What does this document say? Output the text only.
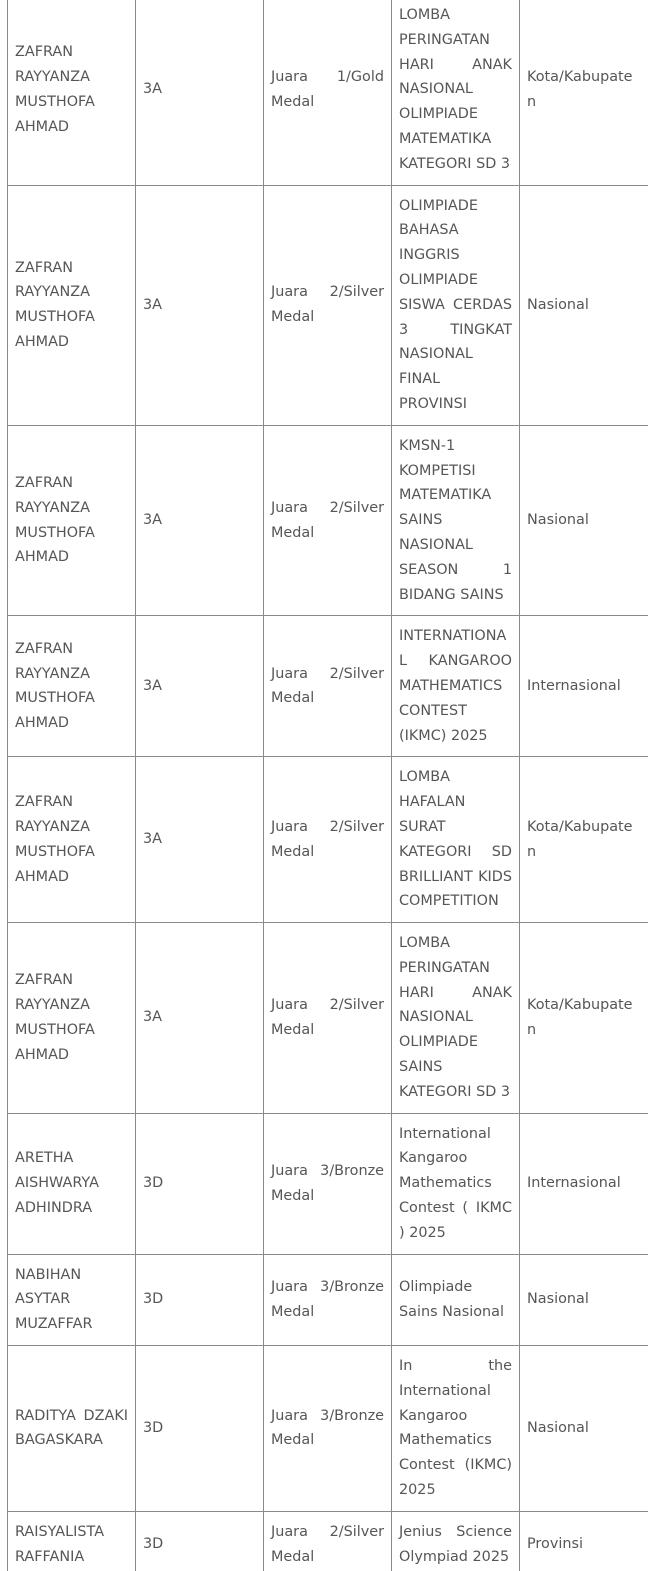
ZAFRAN RAYYANZA MUSTHOFA AHMAD	3A	Juara 1/Gold Medal	LOMBA PERINGATAN HARI ANAK NASIONAL OLIMPIADE MATEMATIKA KATEGORI SD 3	Kota/Kabupaten
ZAFRAN RAYYANZA MUSTHOFA AHMAD	3A	Juara 2/Silver Medal	OLIMPIADE BAHASA INGGRIS OLIMPIADE SISWA CERDAS 3 TINGKAT NASIONAL FINAL PROVINSI	Nasional
ZAFRAN RAYYANZA MUSTHOFA AHMAD	3A	Juara 2/Silver Medal	KMSN-1 KOMPETISI MATEMATIKA SAINS NASIONAL SEASON 1 BIDANG SAINS	Nasional
ZAFRAN RAYYANZA MUSTHOFA AHMAD	3A	Juara 2/Silver Medal	INTERNATIONAL KANGAROO MATHEMATICS CONTEST (IKMC) 2025	Internasional
ZAFRAN RAYYANZA MUSTHOFA AHMAD	3A	Juara 2/Silver Medal	LOMBA HAFALAN SURAT KATEGORI SD BRILLIANT KIDS COMPETITION	Kota/Kabupaten
ZAFRAN RAYYANZA MUSTHOFA AHMAD	3A	Juara 2/Silver Medal	LOMBA PERINGATAN HARI ANAK NASIONAL OLIMPIADE SAINS KATEGORI SD 3	Kota/Kabupaten
ARETHA AISHWARYA ADHINDRA	3D	Juara 3/Bronze Medal	International Kangaroo Mathematics Contest ( IKMC ) 2025	Internasional
NABIHAN ASYTAR MUZAFFAR	3D	Juara 3/Bronze Medal	Olimpiade Sains Nasional	Nasional
RADITYA DZAKI BAGASKARA	3D	Juara 3/Bronze Medal	In the International Kangaroo Mathematics Contest (IKMC) 2025	Nasional
RAISYALISTA RAFFANIA	3D	Juara 2/Silver Medal	Jenius Science Olympiad 2025	Provinsi
